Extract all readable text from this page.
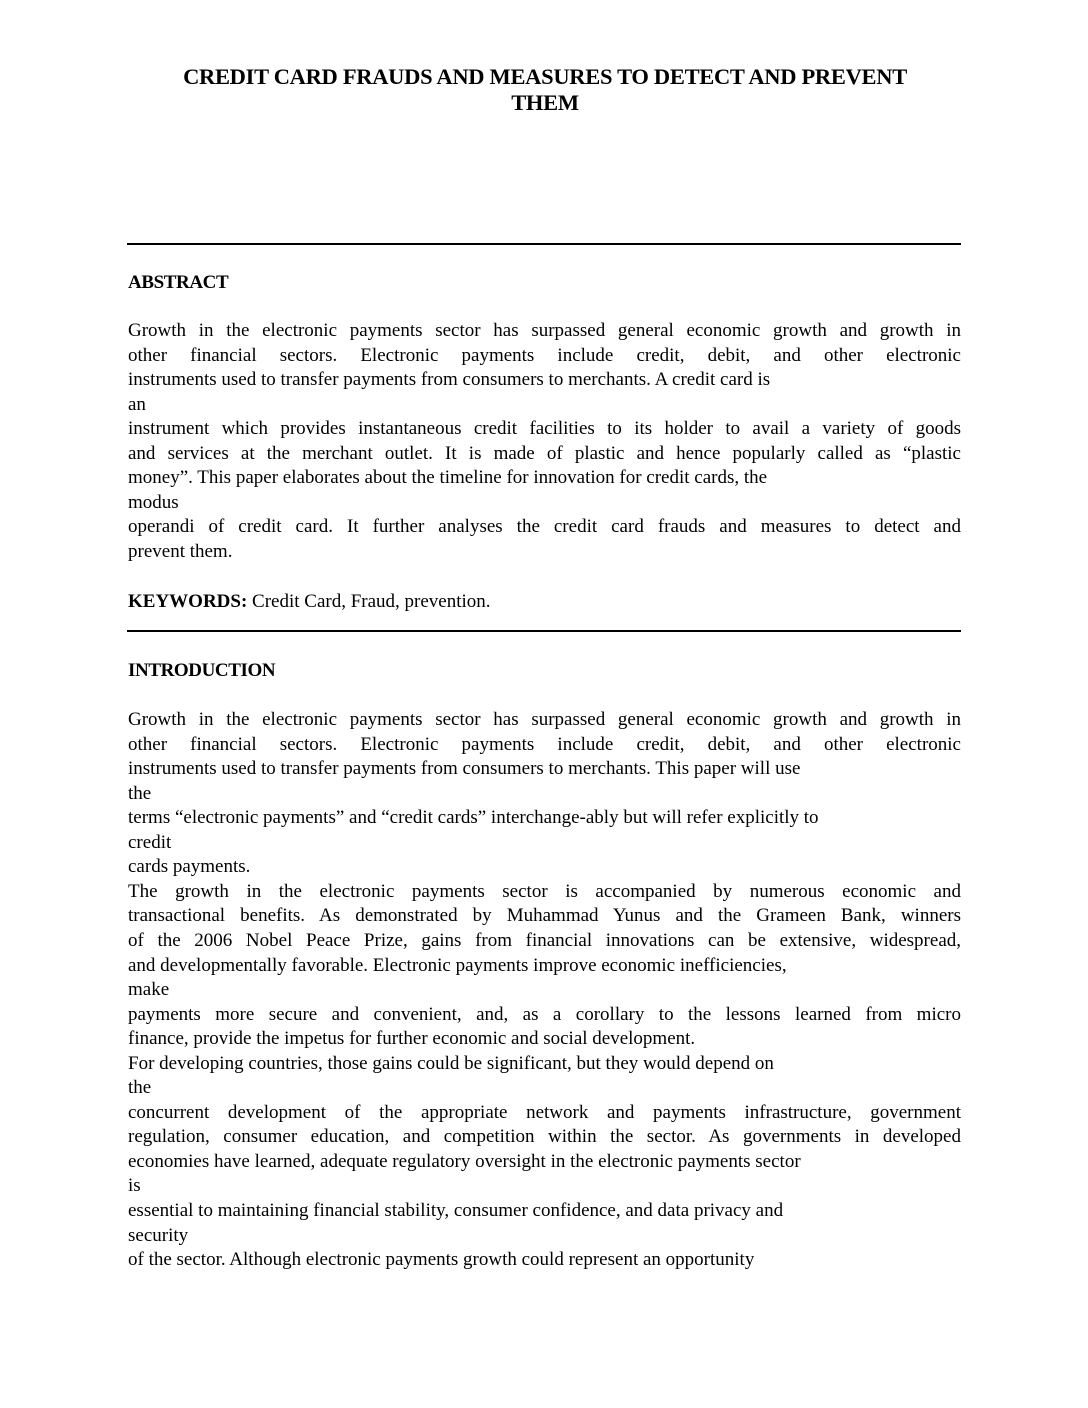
CREDIT CARD FRAUDS AND MEASURES TO DETECT AND PREVENT
THEM
ABSTRACT
Growth in the electronic payments sector has surpassed general economic growth and growth in
other financial sectors. Electronic payments include credit, debit, and other electronic
instruments used to transfer payments from consumers to merchants. A credit card is
an
instrument which provides instantaneous credit facilities to its holder to avail a variety of goods
and services at the merchant outlet. It is made of plastic and hence popularly called as “plastic
money”. This paper elaborates about the timeline for innovation for credit cards, the
modus
operandi of credit card. It further analyses the credit card frauds and measures to detect and
prevent them.
KEYWORDS: Credit Card, Fraud, prevention.
INTRODUCTION
Growth in the electronic payments sector has surpassed general economic growth and growth in
other financial sectors. Electronic payments include credit, debit, and other electronic
instruments used to transfer payments from consumers to merchants. This paper will use
the
terms “electronic payments” and “credit cards” interchange-ably but will refer explicitly to
credit
cards payments.
The growth in the electronic payments sector is accompanied by numerous economic and
transactional benefits. As demonstrated by Muhammad Yunus and the Grameen Bank, winners
of the 2006 Nobel Peace Prize, gains from financial innovations can be extensive, widespread,
and developmentally favorable. Electronic payments improve economic inefficiencies,
make
payments more secure and convenient, and, as a corollary to the lessons learned from micro
finance, provide the impetus for further economic and social development.
For developing countries, those gains could be significant, but they would depend on
the
concurrent development of the appropriate network and payments infrastructure, government
regulation, consumer education, and competition within the sector. As governments in developed
economies have learned, adequate regulatory oversight in the electronic payments sector
is
essential to maintaining financial stability, consumer confidence, and data privacy and
security
of the sector. Although electronic payments growth could represent an opportunity
